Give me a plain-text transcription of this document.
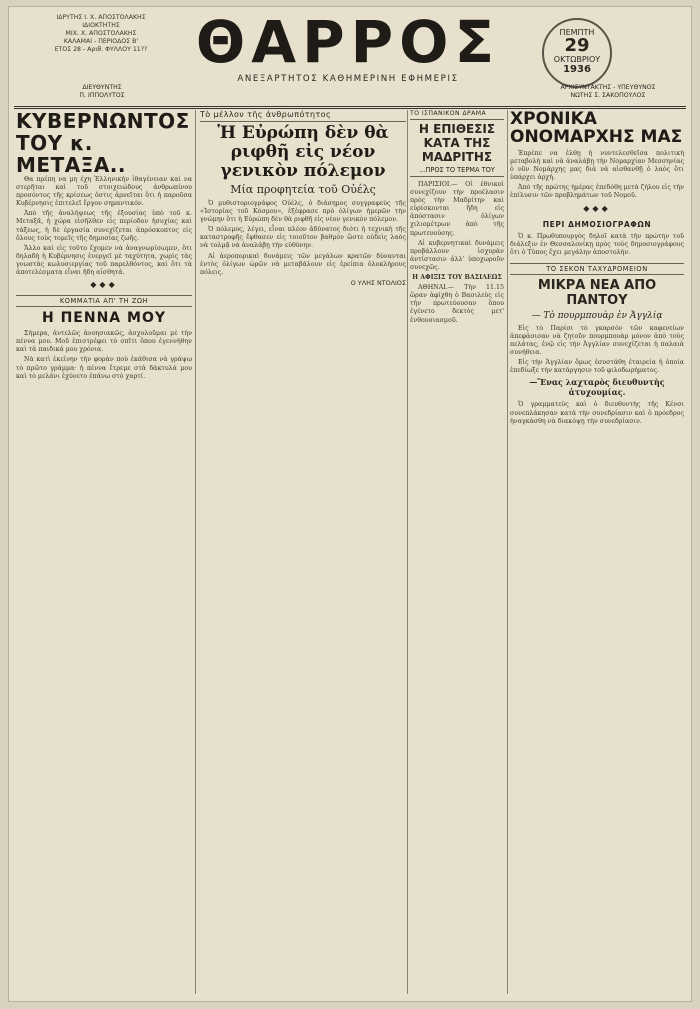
ΙΔΡΥΤΗΣ Ι. Χ. ΑΠΟΣΤΟΛΑΚΗΣ
ΙΔΙΟΚΤΗΤΗΣ
ΜΙΧ. Χ. ΑΠΟΣΤΟΛΑΚΗΣ
ΚΑΛΑΜΑΙ - ΠΕΡΙΟΔΟΣ Β'
ΕΤΟΣ 28 - Αριθ. ΦΥΛΛΟΥ 11??
ΔΙΕΥΘΥΝΤΗΣ
Π. ΙΠΠΟΛΥΤΟΣ
ΘΑΡΡΟΣ
ΑΝΕΞΑΡΤΗΤΟΣ ΚΑΘΗΜΕΡΙΝΗ ΕΦΗΜΕΡΙΣ
ΠΕΜΠΤΗ
29
ΟΚΤΩΒΡΙΟΥ
1936
ΑΡΧΙΣΥΝΤΑΚΤΗΣ - ΥΠΕΥΘΥΝΟΣ
ΝΩΤΗΣ Σ. ΣΑΚΟΠΟΥΛΟΣ
ΚΥΒΕΡΝΩΝΤΟΣ ΤΟΥ κ. ΜΕΤΑΞΑ..

Θα πρέπη να μη έχη Ἑλληνικήν ἰθαγένειαν καὶ να στερῆται καὶ τοῦ στοιχειώδους ἀνθρωπίνου προσόντος τῆς κρίσεως ὅστις ἀρνεῖται ὅτι ἡ παροῦσα Κυβέρνησις ἐπιτελεῖ ἔργον σημαντικόν.

Ἀπὸ τῆς ἀναλήψεως τῆς ἐξουσίας ὑπὸ τοῦ κ. Μεταξᾶ, ἡ χώρα εἰσῆλθεν εἰς περίοδον ἡσυχίας καὶ τάξεως, ἡ δὲ ἐργασία συνεχίζεται ἀπρόσκοπτος εἰς ὅλους τοὺς τομεῖς τῆς δημοσίας ζωῆς.

Ἄλλο καὶ εἰς τοῦτο ἔχομεν νὰ ἀναγνωρίσωμεν, ὅτι δηλαδὴ ἡ Κυβέρνησις ἐνεργεῖ μὲ ταχύτητα, χωρὶς τὰς γνωστὰς κωλυσιεργίας τοῦ παρελθόντος, καὶ ὅτι τὰ ἀποτελέσματα εἶναι ἤδη αἰσθητά.

◆◆◆
ΚΟΜΜΑΤΙΑ ΑΠ' ΤΗ ΖΩΗ
Η ΠΕΝΝΑ ΜΟΥ

Σήμερα, ἀντελῶς ἀνοησιακῶς, ἀσχολοῦμαι μὲ τὴν πέννα μου. Μοῦ ἐπιστρέφει τὸ σπῖτι ὅπου ἐγεννήθην καὶ τὰ παιδικά μου χρόνια.

Νὰ κατὶ ἐκείνην τὴν φορὰν ποὺ ἐκάθισα νὰ γράψω τὸ πρῶτο γράμμα· ἡ πέννα ἔτρεμε στὰ δάκτυλά μου καὶ τὸ μελάνι ἐχύνετο ἐπάνω στὸ χαρτί.

Τὸ μέλλον τῆς ἀνθρωπότητος
Ἡ Εὐρώπη δὲν θὰ ριφθῆ εἰς νέον γενικὸν πόλεμον
Μία προφητεία τοῦ Οὐέλς

Ὁ μυθιστοριογράφος Οὐέλς, ὁ διάσημος συγγραφεύς τῆς «Ἱστορίας τοῦ Κόσμου», ἐξέφρασε πρὸ ὀλίγων ἡμερῶν τὴν γνώμην ὅτι ἡ Εὐρώπη δὲν θὰ ριφθῆ εἰς νέον γενικὸν πόλεμον.

Ὁ πόλεμος, λέγει, εἶναι πλέον ἀδύνατος διότι ἡ τεχνικὴ τῆς καταστροφῆς ἔφθασεν εἰς τοιοῦτον βαθμὸν ὥστε οὐδεὶς λαὸς νὰ τολμᾷ νὰ ἀναλάβῃ τὴν εὐθύνην.

Αἱ ἀεροπορικαὶ δυνάμεις τῶν μεγάλων κρατῶν δύνανται ἐντὸς ὀλίγων ὡρῶν νὰ μεταβάλουν εἰς ἐρείπια ὁλοκλήρους πόλεις.

Ο ΥΛΗΣ ΝΤΟΛΙΟΣ
ΤΟ ΙΣΠΑΝΙΚΟΝ ΔΡΑΜΑ
Η ΕΠΙΘΕΣΙΣ ΚΑΤΑ ΤΗΣ ΜΑΔΡΙΤΗΣ
...ΠΡΟΣ ΤΟ ΤΕΡΜΑ ΤΟΥ

ΠΑΡΙΣΙΟΙ.— Οἱ ἐθνικοὶ συνεχίζουν τὴν προέλασιν πρὸς τὴν Μαδρίτην καὶ εὑρίσκονται ἤδη εἰς ἀπόστασιν ὀλίγων χιλιομέτρων ἀπὸ τῆς πρωτευούσης.

Αἱ κυβερνητικαὶ δυνάμεις προβάλλουν ἰσχυρὰν ἀντίστασιν ἀλλ' ὑποχωροῦν συνεχῶς.

Η ΑΦΙΞΙΣ ΤΟΥ ΒΑΣΙΛΕΩΣ

ΑΘΗΝΑΙ.— Τὴν 11.15 ὥραν ἀφίχθη ὁ Βασιλεὺς εἰς τὴν πρωτεύουσαν ὅπου ἐγένετο δεκτὸς μετ' ἐνθουσιασμοῦ.

ΧΡΟΝΙΚΑ ΟΝΟΜΑΡΧΗΣ ΜΑΣ

Ἐπρέπε να ἐλθῃ ἡ νυντελεσθεῖσα πολιτικὴ μεταβολὴ καὶ νὰ ἀναλάβῃ τὴν Νομαρχίαν Μεσσηνίας ὁ νῦν Νομάρχης μας διὰ νὰ αἰσθανθῇ ὁ λαὸς ὅτι ὑπάρχει ἀρχή.

Ἀπὸ τῆς πρώτης ἡμέρας ἐπεδόθη μετὰ ζήλου εἰς τὴν ἐπίλυσιν τῶν προβλημάτων τοῦ Νομοῦ.

◆◆◆
ΠΕΡΙ ΔΗΜΟΣΙΟΓΡΑΦΩΝ

Ὁ κ. Πρωθυπουργὸς δηλοῖ κατὰ τὴν πρώτην τοῦ διάλεξιν ἐν Θεσσαλονίκῃ πρὸς τοὺς δημοσιογράφους ὅτι ὁ Τύπος ἔχει μεγάλην ἀποστολήν.

ΤΟ ΣΕΚΟΝ ΤΑΧΥΔΡΟΜΕΙΟΝ
ΜΙΚΡΑ ΝΕΑ ΑΠΟ ΠΑΝΤΟΥ
— Τὸ πουρμπουὰρ ἐν Ἀγγλίᾳ

Εἰς τὸ Παρίσι τὸ γκαρσὸν τῶν καφενείων ἀπεφάσισαν νὰ ζητοῦν πουρμπουὰρ μόνον ἀπὸ τοὺς πελάτας, ἐνῷ εἰς τὴν Ἀγγλίαν συνεχίζεται ἡ παλαιὰ συνήθεια.

Εἰς τὴν Ἀγγλίαν ὅμως ἐσυστάθη ἐταιρεία ἡ ὁποία ἐπεδίωξε τὴν κατάργησιν τοῦ φιλοδωρήματος.

—Ἕνας λαχταρὸς διευθυντὴς ἀτυχουμίας.

Ὁ γραμματεὺς καὶ ὁ διευθυντὴς τῆς Κένσι συνεπλάκησαν κατὰ τὴν συνεδρίασιν καὶ ὁ πρόεδρος ἠναγκάσθη νὰ διακόψῃ τὴν συνεδρίασιν.
